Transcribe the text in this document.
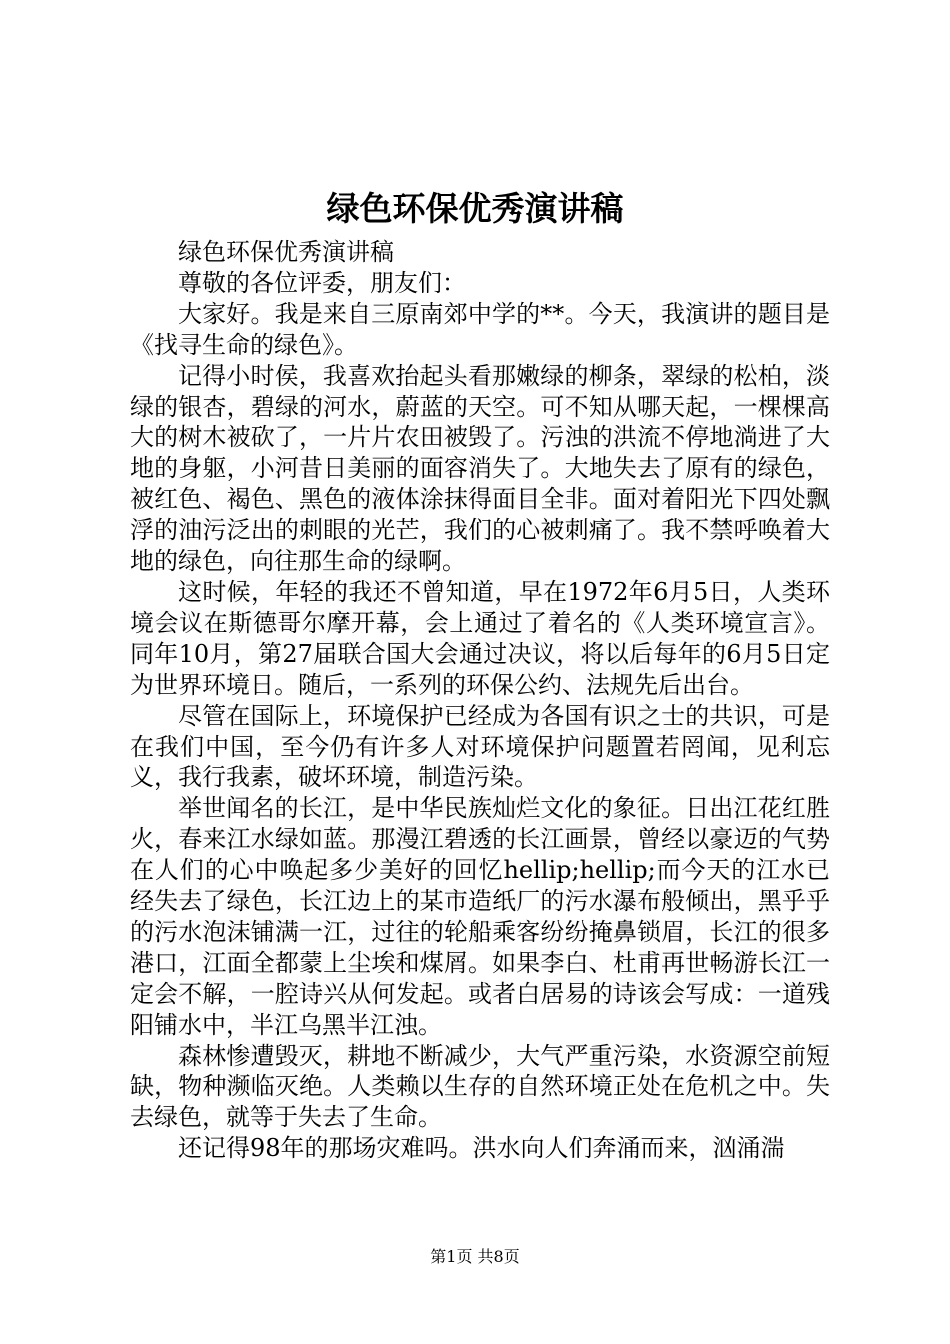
绿色环保优秀演讲稿

绿色环保优秀演讲稿

尊敬的各位评委，朋友们：

大家好。我是来自三原南郊中学的**。今天，我演讲的题目是《找寻生命的绿色》。

记得小时侯，我喜欢抬起头看那嫩绿的柳条，翠绿的松柏，淡绿的银杏，碧绿的河水，蔚蓝的天空。可不知从哪天起，一棵棵高大的树木被砍了，一片片农田被毁了。污浊的洪流不停地淌进了大地的身躯，小河昔日美丽的面容消失了。大地失去了原有的绿色，被红色、褐色、黑色的液体涂抹得面目全非。面对着阳光下四处飘浮的油污泛出的刺眼的光芒，我们的心被刺痛了。我不禁呼唤着大地的绿色，向往那生命的绿啊。

这时候，年轻的我还不曾知道，早在1972年6月5日，人类环境会议在斯德哥尔摩开幕，会上通过了着名的《人类环境宣言》。同年10月，第27届联合国大会通过决议，将以后每年的6月5日定为世界环境日。随后，一系列的环保公约、法规先后出台。

尽管在国际上，环境保护已经成为各国有识之士的共识，可是在我们中国，至今仍有许多人对环境保护问题置若罔闻，见利忘义，我行我素，破坏环境，制造污染。

举世闻名的长江，是中华民族灿烂文化的象征。日出江花红胜火，春来江水绿如蓝。那漫江碧透的长江画景，曾经以豪迈的气势在人们的心中唤起多少美好的回忆hellip;hellip;而今天的江水已经失去了绿色，长江边上的某市造纸厂的污水瀑布般倾出，黑乎乎的污水泡沫铺满一江，过往的轮船乘客纷纷掩鼻锁眉，长江的很多港口，江面全都蒙上尘埃和煤屑。如果李白、杜甫再世畅游长江一定会不解，一腔诗兴从何发起。或者白居易的诗该会写成：一道残阳铺水中，半江乌黑半江浊。

森林惨遭毁灭，耕地不断减少，大气严重污染，水资源空前短缺，物种濒临灭绝。人类赖以生存的自然环境正处在危机之中。失去绿色，就等于失去了生命。

还记得98年的那场灾难吗。洪水向人们奔涌而来，汹涌湍

第1页 共8页
